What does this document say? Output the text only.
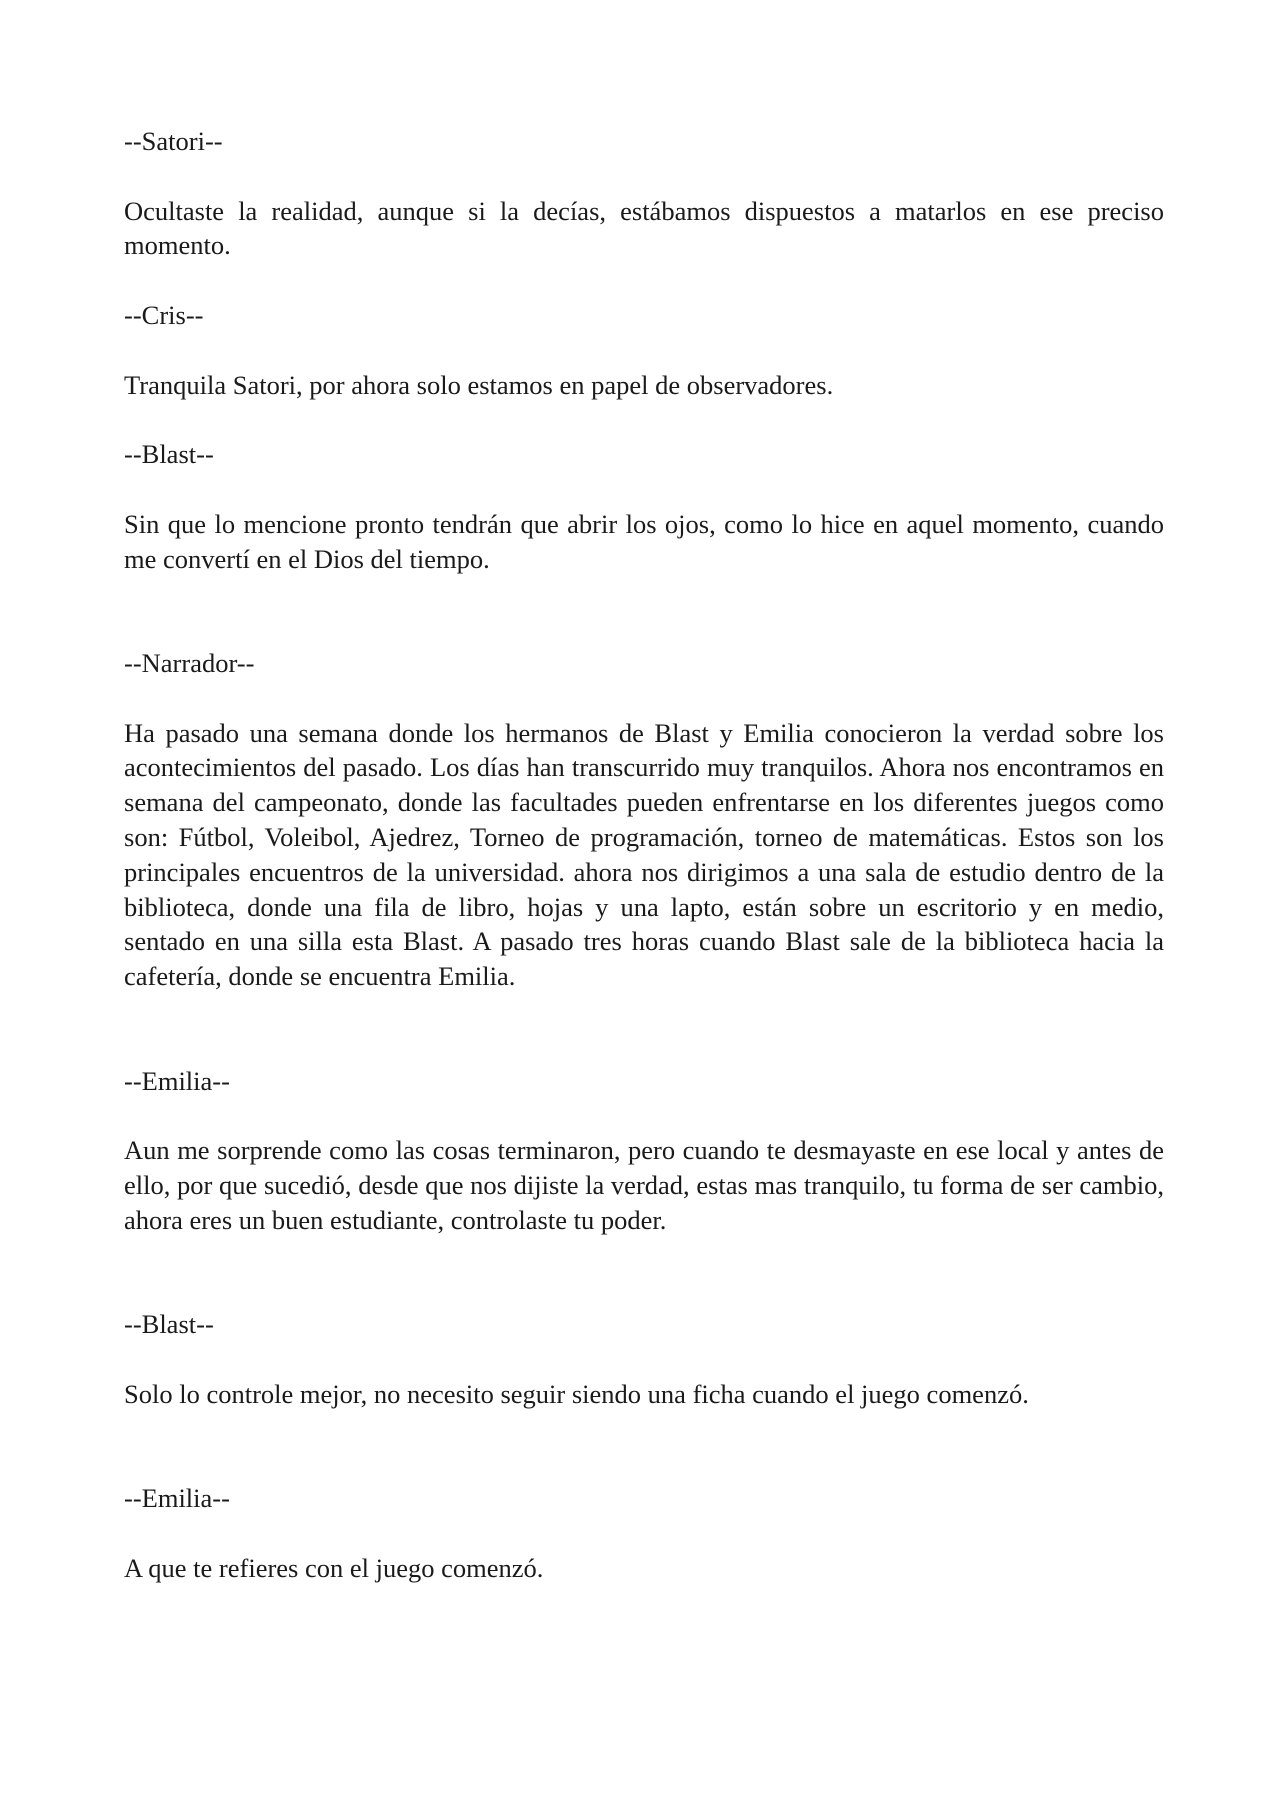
--Satori--

Ocultaste la realidad, aunque si la decías, estábamos dispuestos a matarlos en ese preciso momento.

--Cris--

Tranquila Satori, por ahora solo estamos en papel de observadores.

--Blast--

Sin que lo mencione pronto tendrán que abrir los ojos, como lo hice en aquel momento, cuando me convertí en el Dios del tiempo.

--Narrador--

Ha pasado una semana donde los hermanos de Blast y Emilia conocieron la verdad sobre los acontecimientos del pasado. Los días han transcurrido muy tranquilos. Ahora nos encontramos en semana del campeonato, donde las facultades pueden enfrentarse en los diferentes juegos como son: Fútbol, Voleibol, Ajedrez, Torneo de programación, torneo de matemáticas. Estos son los principales encuentros de la universidad. ahora nos dirigimos a una sala de estudio dentro de la biblioteca, donde una fila de libro, hojas y una lapto, están sobre un escritorio y en medio, sentado en una silla esta Blast. A pasado tres horas cuando Blast sale de la biblioteca hacia la cafetería, donde se encuentra Emilia.

--Emilia--

Aun me sorprende como las cosas terminaron, pero cuando te desmayaste en ese local y antes de ello, por que sucedió, desde que nos dijiste la verdad, estas mas tranquilo, tu forma de ser cambio, ahora eres un buen estudiante, controlaste tu poder.

--Blast--

Solo lo controle mejor, no necesito seguir siendo una ficha cuando el juego comenzó.

--Emilia--

A que te refieres con el juego comenzó.
